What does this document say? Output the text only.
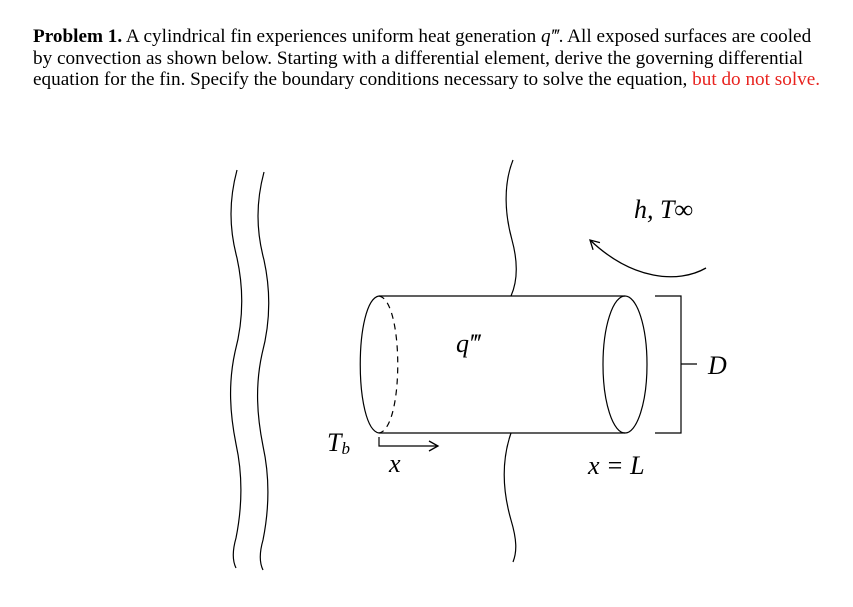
Problem 1. A cylindrical fin experiences uniform heat generation q‴. All exposed surfaces are cooled by convection as shown below. Starting with a differential element, derive the governing differential equation for the fin. Specify the boundary conditions necessary to solve the equation, but do not solve.
h, T∞
q‴
Tb
x	x = L
D
